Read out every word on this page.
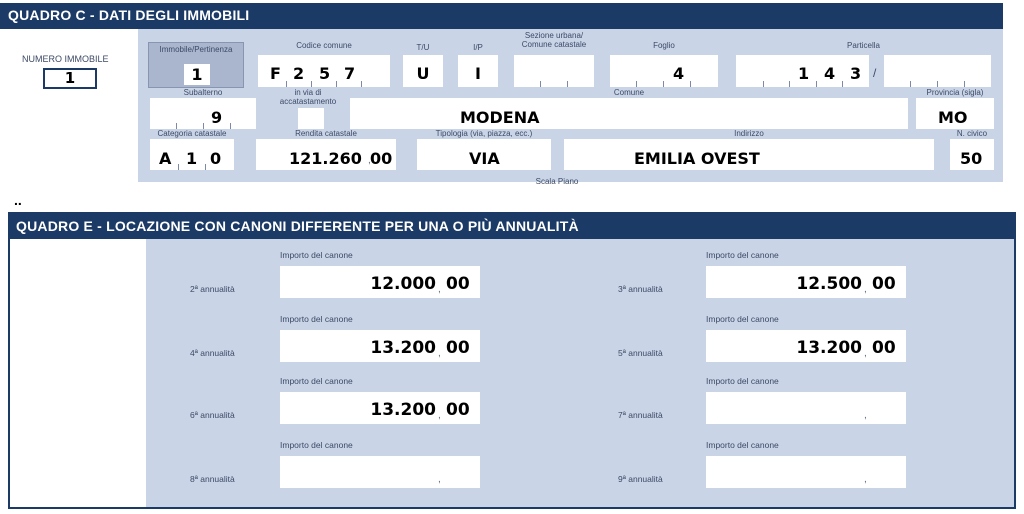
QUADRO C - DATI DEGLI IMMOBILI
NUMERO IMMOBILE
1
Immobile/Pertinenza
1
Codice comune
F 2 5 7
T/U
U
I/P
I
Sezione urbana/
Comune catastale	Foglio
4
Particella
1 4 3 /
Subalterno
9
in via di
accatastamento
Comune
MODENA
Provincia (sigla)
MO
Categoria catastale
A 1 0
Rendita catastale
121.260 , 00
Tipologia (via, piazza, ecc.)
VIA
Indirizzo
EMILIA OVEST
N. civico
50
Scala Piano
..
QUADRO E - LOCAZIONE CON CANONI DIFFERENTE PER UNA O PIÙ ANNUALITÀ
Importo del canone
2ª annualità	12.000 , 00
Importo del canone
3ª annualità	12.500 , 00
Importo del canone
4ª annualità	13.200 , 00
Importo del canone
5ª annualità	13.200 , 00
Importo del canone
6ª annualità	13.200 , 00
Importo del canone
7ª annualità	,
Importo del canone
8ª annualità	,
Importo del canone
9ª annualità	,
